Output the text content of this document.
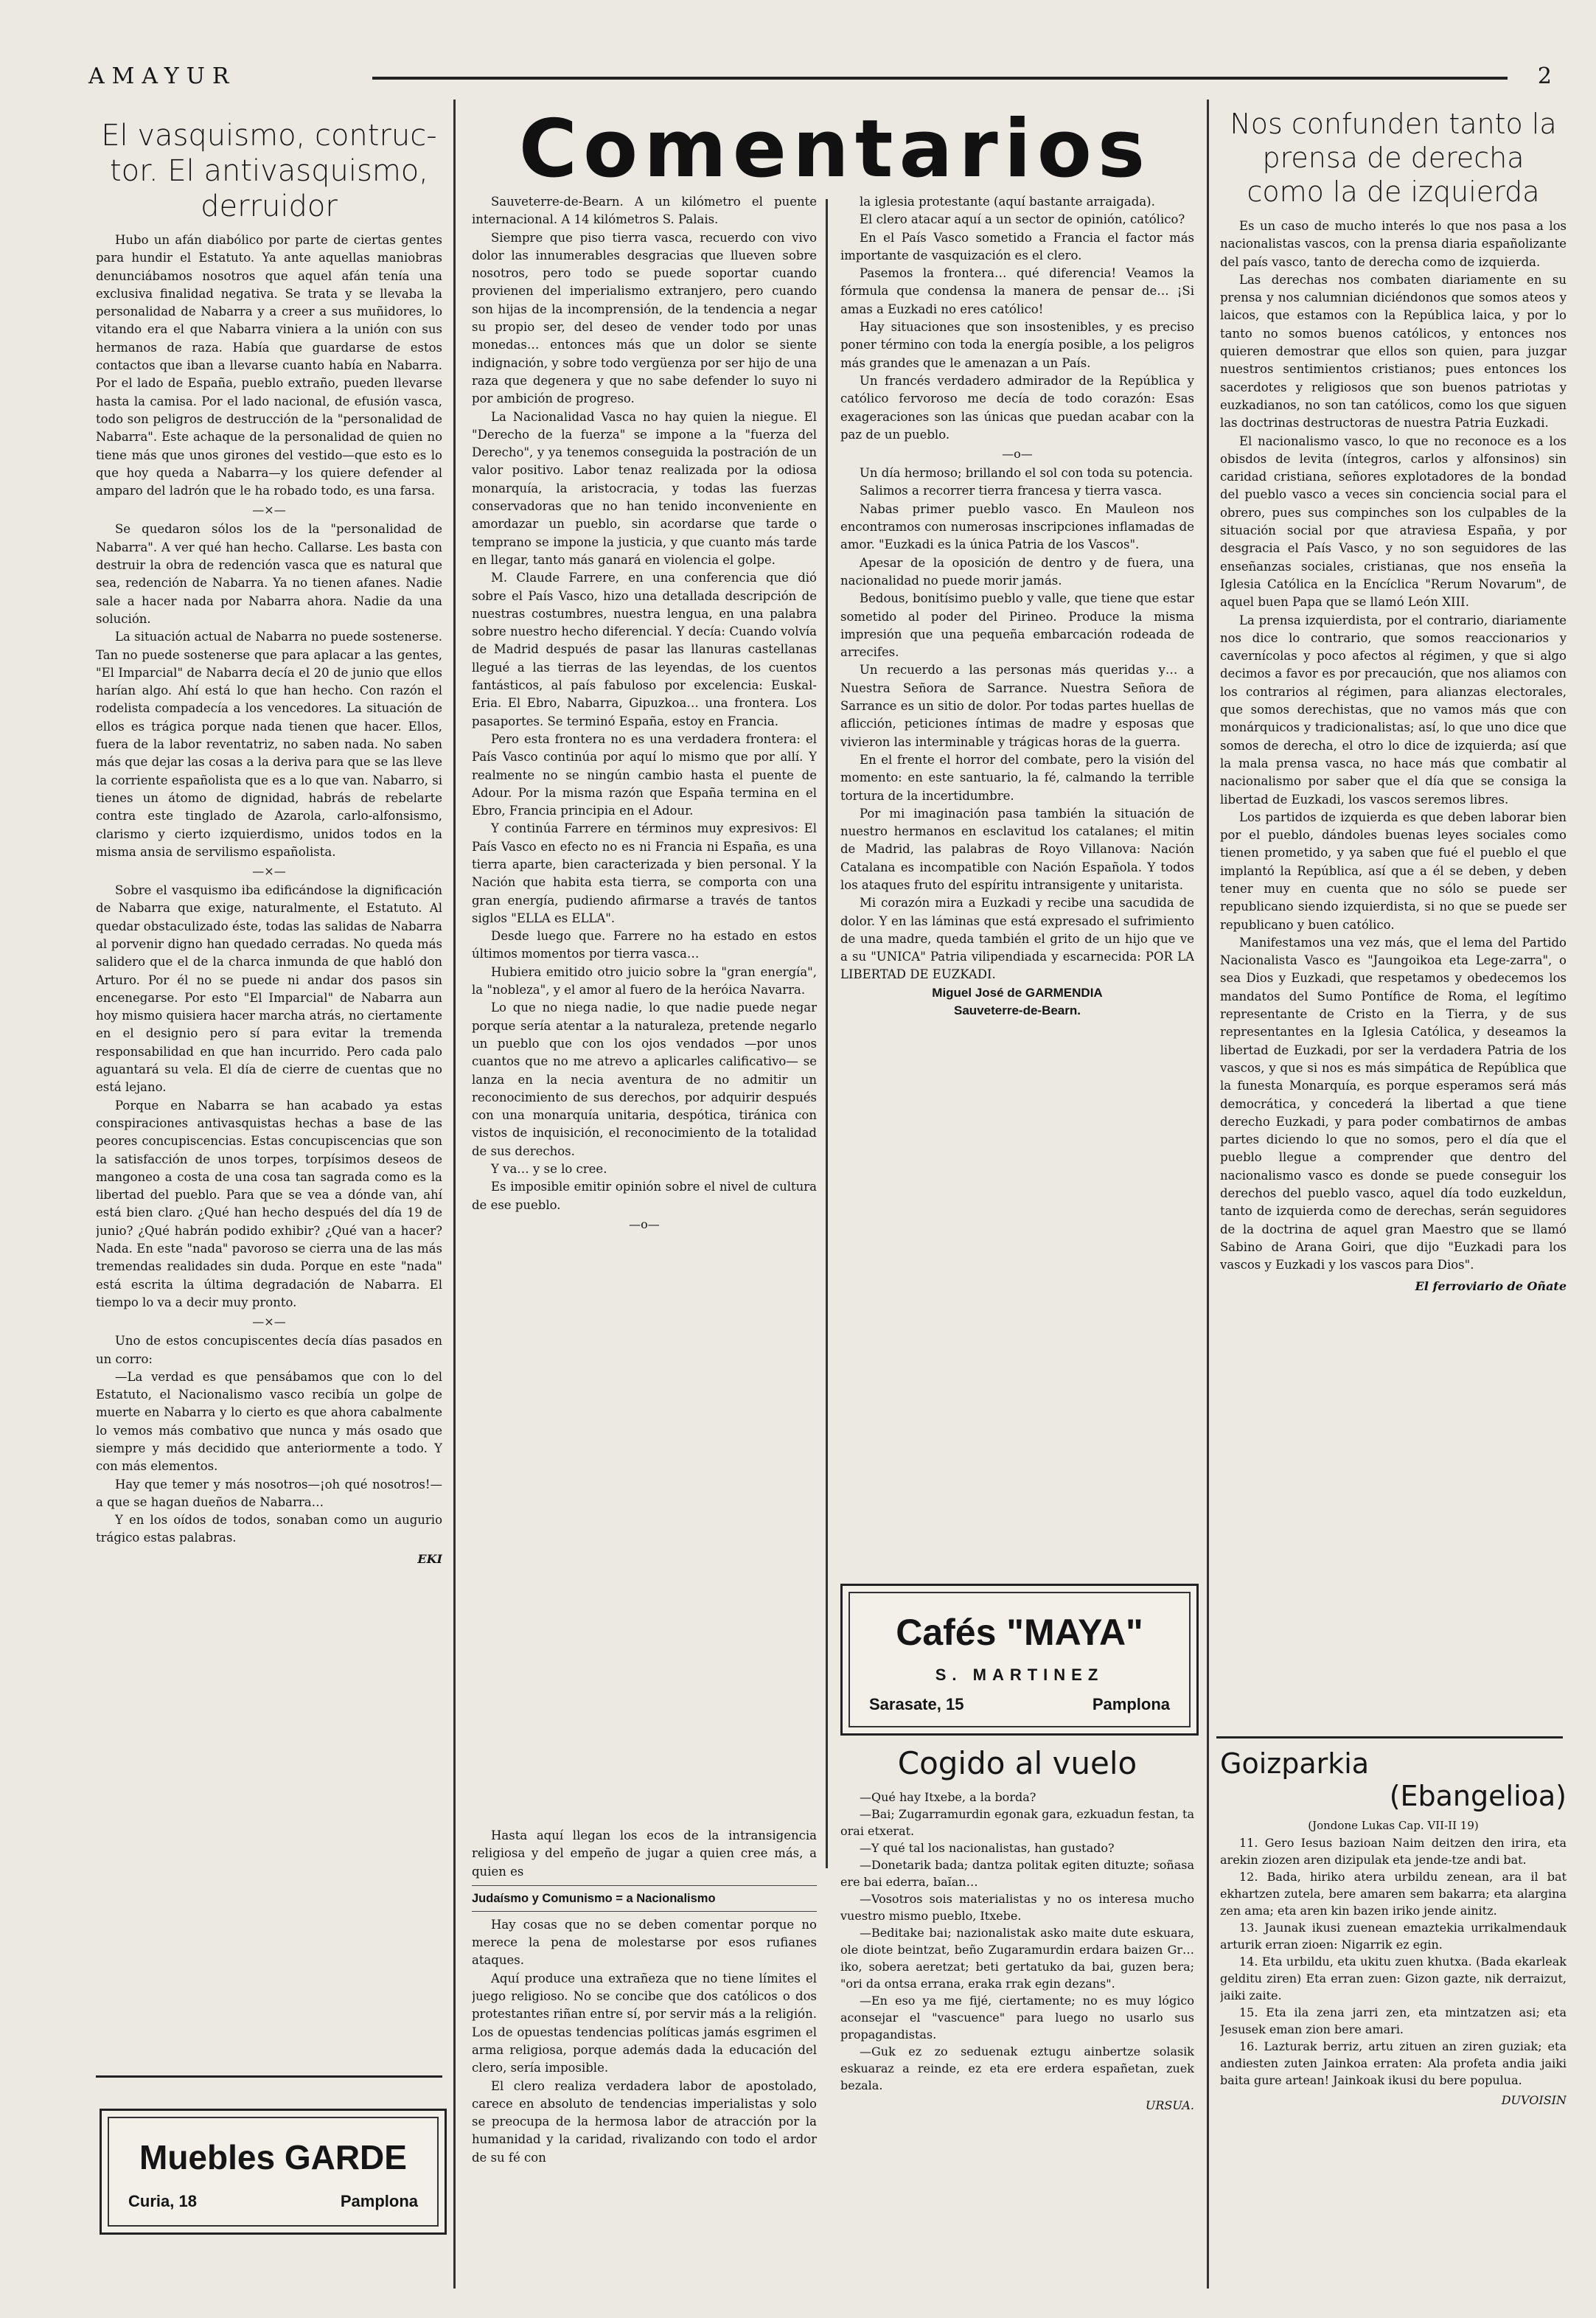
AMAYUR	2
El vasquismo, contructor. El antivasquismo, derruidor

Hubo un afán diabólico por parte de ciertas gentes para hundir el Estatuto. Ya ante aquellas maniobras denunciábamos nosotros que aquel afán tenía una exclusiva finalidad negativa. Se trata y se llevaba la personalidad de Nabarra y a creer a sus muñidores, lo vitando era el que Nabarra viniera a la unión con sus hermanos de raza. Había que guardarse de estos contactos que iban a llevarse cuanto había en Nabarra. Por el lado de España, pueblo extraño, pueden llevarse hasta la camisa. Por el lado nacional, de efusión vasca, todo son peligros de destrucción de la "personalidad de Nabarra". Este achaque de la personalidad de quien no tiene más que unos girones del vestido—que esto es lo que hoy queda a Nabarra—y los quiere defender al amparo del ladrón que le ha robado todo, es una farsa.

—×—

Se quedaron sólos los de la "personalidad de Nabarra". A ver qué han hecho. Callarse. Les basta con destruir la obra de redención vasca que es natural que sea, redención de Nabarra. Ya no tienen afanes. Nadie sale a hacer nada por Nabarra ahora. Nadie da una solución.

La situación actual de Nabarra no puede sostenerse. Tan no puede sostenerse que para aplacar a las gentes, "El Imparcial" de Nabarra decía el 20 de junio que ellos harían algo. Ahí está lo que han hecho. Con razón el rodelista compadecía a los vencedores. La situación de ellos es trágica porque nada tienen que hacer. Ellos, fuera de la labor reventatriz, no saben nada. No saben más que dejar las cosas a la deriva para que se las lleve la corriente españolista que es a lo que van. Nabarro, si tienes un átomo de dignidad, habrás de rebelarte contra este tinglado de Azarola, carlo-alfonsismo, clarismo y cierto izquierdismo, unidos todos en la misma ansia de servilismo españolista.

—×—

Sobre el vasquismo iba edificándose la dignificación de Nabarra que exige, naturalmente, el Estatuto. Al quedar obstaculizado éste, todas las salidas de Nabarra al porvenir digno han quedado cerradas. No queda más salidero que el de la charca inmunda de que habló don Arturo. Por él no se puede ni andar dos pasos sin encenegarse. Por esto "El Imparcial" de Nabarra aun hoy mismo quisiera hacer marcha atrás, no ciertamente en el designio pero sí para evitar la tremenda responsabilidad en que han incurrido. Pero cada palo aguantará su vela. El día de cierre de cuentas que no está lejano.

Porque en Nabarra se han acabado ya estas conspiraciones antivasquistas hechas a base de las peores concupiscencias. Estas concupiscencias que son la satisfacción de unos torpes, torpísimos deseos de mangoneo a costa de una cosa tan sagrada como es la libertad del pueblo. Para que se vea a dónde van, ahí está bien claro. ¿Qué han hecho después del día 19 de junio? ¿Qué habrán podido exhibir? ¿Qué van a hacer? Nada. En este "nada" pavoroso se cierra una de las más tremendas realidades sin duda. Porque en este "nada" está escrita la última degradación de Nabarra. El tiempo lo va a decir muy pronto.

—×—

Uno de estos concupiscentes decía días pasados en un corro:

—La verdad es que pensábamos que con lo del Estatuto, el Nacionalismo vasco recibía un golpe de muerte en Nabarra y lo cierto es que ahora cabalmente lo vemos más combativo que nunca y más osado que siempre y más decidido que anteriormente a todo. Y con más elementos.

Hay que temer y más nosotros—¡oh qué nosotros!—a que se hagan dueños de Nabarra…

Y en los oídos de todos, sonaban como un augurio trágico estas palabras.

EKI
Muebles GARDE
Curia, 18	Pamplona
Comentarios

Sauveterre-de-Bearn. A un kilómetro el puente internacional. A 14 kilómetros S. Palais.

Siempre que piso tierra vasca, recuerdo con vivo dolor las innumerables desgracias que llueven sobre nosotros, pero todo se puede soportar cuando provienen del imperialismo extranjero, pero cuando son hijas de la incomprensión, de la tendencia a negar su propio ser, del deseo de vender todo por unas monedas… entonces más que un dolor se siente indignación, y sobre todo vergüenza por ser hijo de una raza que degenera y que no sabe defender lo suyo ni por ambición de progreso.

La Nacionalidad Vasca no hay quien la niegue. El "Derecho de la fuerza" se impone a la "fuerza del Derecho", y ya tenemos conseguida la postración de un valor positivo. Labor tenaz realizada por la odiosa monarquía, la aristocracia, y todas las fuerzas conservadoras que no han tenido inconveniente en amordazar un pueblo, sin acordarse que tarde o temprano se impone la justicia, y que cuanto más tarde en llegar, tanto más ganará en violencia el golpe.

M. Claude Farrere, en una conferencia que dió sobre el País Vasco, hizo una detallada descripción de nuestras costumbres, nuestra lengua, en una palabra sobre nuestro hecho diferencial. Y decía: Cuando volvía de Madrid después de pasar las llanuras castellanas llegué a las tierras de las leyendas, de los cuentos fantásticos, al país fabuloso por excelencia: Euskal-Eria. El Ebro, Nabarra, Gipuzkoa… una frontera. Los pasaportes. Se terminó España, estoy en Francia.

Pero esta frontera no es una verdadera frontera: el País Vasco continúa por aquí lo mismo que por allí. Y realmente no se ningún cambio hasta el puente de Adour. Por la misma razón que España termina en el Ebro, Francia principia en el Adour.

Y continúa Farrere en términos muy expresivos: El País Vasco en efecto no es ni Francia ni España, es una tierra aparte, bien caracterizada y bien personal. Y la Nación que habita esta tierra, se comporta con una gran energía, pudiendo afirmarse a través de tantos siglos "ELLA es ELLA".

Desde luego que. Farrere no ha estado en estos últimos momentos por tierra vasca…

Hubiera emitido otro juicio sobre la "gran energía", la "nobleza", y el amor al fuero de la heróica Navarra.

Lo que no niega nadie, lo que nadie puede negar porque sería atentar a la naturaleza, pretende negarlo un pueblo que con los ojos vendados —por unos cuantos que no me atrevo a aplicarles calificativo— se lanza en la necia aventura de no admitir un reconocimiento de sus derechos, por adquirir después con una monarquía unitaria, despótica, tiránica con vistos de inquisición, el reconocimiento de la totalidad de sus derechos.

Y va… y se lo cree.

Es imposible emitir opinión sobre el nivel de cultura de ese pueblo.

—o—

la iglesia protestante (aquí bastante arraigada).

El clero atacar aquí a un sector de opinión, católico?

En el País Vasco sometido a Francia el factor más importante de vasquización es el clero.

Pasemos la frontera… qué diferencia! Veamos la fórmula que condensa la manera de pensar de… ¡Si amas a Euzkadi no eres católico!

Hay situaciones que son insostenibles, y es preciso poner término con toda la energía posible, a los peligros más grandes que le amenazan a un País.

Un francés verdadero admirador de la República y católico fervoroso me decía de todo corazón: Esas exageraciones son las únicas que puedan acabar con la paz de un pueblo.

—o—

Un día hermoso; brillando el sol con toda su potencia.

Salimos a recorrer tierra francesa y tierra vasca.

Nabas primer pueblo vasco. En Mauleon nos encontramos con numerosas inscripciones inflamadas de amor. "Euzkadi es la única Patria de los Vascos".

Apesar de la oposición de dentro y de fuera, una nacionalidad no puede morir jamás.

Bedous, bonitísimo pueblo y valle, que tiene que estar sometido al poder del Pirineo. Produce la misma impresión que una pequeña embarcación rodeada de arrecifes.

Un recuerdo a las personas más queridas y… a Nuestra Señora de Sarrance. Nuestra Señora de Sarrance es un sitio de dolor. Por todas partes huellas de aflicción, peticiones íntimas de madre y esposas que vivieron las interminable y trágicas horas de la guerra.

En el frente el horror del combate, pero la visión del momento: en este santuario, la fé, calmando la terrible tortura de la incertidumbre.

Por mi imaginación pasa también la situación de nuestro hermanos en esclavitud los catalanes; el mitin de Madrid, las palabras de Royo Villanova: Nación Catalana es incompatible con Nación Española. Y todos los ataques fruto del espíritu intransigente y unitarista.

Mi corazón mira a Euzkadi y recibe una sacudida de dolor. Y en las láminas que está expresado el sufrimiento de una madre, queda también el grito de un hijo que ve a su "UNICA" Patria vilipendiada y escarnecida: POR LA LIBERTAD DE EUZKADI.

Miguel José de GARMENDIA
Sauveterre-de-Bearn.

Hasta aquí llegan los ecos de la intransigencia religiosa y del empeño de jugar a quien cree más, a quien es

Judaísmo y Comunismo = a Nacionalismo

Hay cosas que no se deben comentar porque no merece la pena de molestarse por esos rufianes ataques.

Aquí produce una extrañeza que no tiene límites el juego religioso. No se concibe que dos católicos o dos protestantes riñan entre sí, por servir más a la religión. Los de opuestas tendencias políticas jamás esgrimen el arma religiosa, porque además dada la educación del clero, sería imposible.

El clero realiza verdadera labor de apostolado, carece en absoluto de tendencias imperialistas y solo se preocupa de la hermosa labor de atracción por la humanidad y la caridad, rivalizando con todo el ardor de su fé con

Cafés "MAYA"
S. MARTINEZ
Sarasate, 15	Pamplona
Cogido al vuelo

—Qué hay Itxebe, a la borda?

—Bai; Zugarramurdin egonak gara, ezkuadun festan, ta orai etxerat.

—Y qué tal los nacionalistas, han gustado?

—Donetarik bada; dantza politak egiten dituzte; soñasa ere bai ederra, baĭan…

—Vosotros sois materialistas y no os interesa mucho vuestro mismo pueblo, Itxebe.

—Beditake bai; nazionalistak asko maite dute eskuara, ole diote beintzat, beño Zugaramurdin erdara baizen Gr…iko, sobera aeretzat; beti gertatuko da bai, guzen bera; "ori da ontsa errana, eraka rrak egin dezans".

—En eso ya me fijé, ciertamente; no es muy lógico aconsejar el "vascuence" para luego no usarlo sus propagandistas.

—Guk ez zo seduenak eztugu ainbertze solasik eskuaraz a reinde, ez eta ere erdera españetan, zuek bezala.

URSUA.
Nos confunden tanto la prensa de derecha como la de izquierda

Es un caso de mucho interés lo que nos pasa a los nacionalistas vascos, con la prensa diaria españolizante del país vasco, tanto de derecha como de izquierda.

Las derechas nos combaten diariamente en su prensa y nos calumnian diciéndonos que somos ateos y laicos, que estamos con la República laica, y por lo tanto no somos buenos católicos, y entonces nos quieren demostrar que ellos son quien, para juzgar nuestros sentimientos cristianos; pues entonces los sacerdotes y religiosos que son buenos patriotas y euzkadianos, no son tan católicos, como los que siguen las doctrinas destructoras de nuestra Patria Euzkadi.

El nacionalismo vasco, lo que no reconoce es a los obisdos de levita (íntegros, carlos y alfonsinos) sin caridad cristiana, señores explotadores de la bondad del pueblo vasco a veces sin conciencia social para el obrero, pues sus compinches son los culpables de la situación social por que atraviesa España, y por desgracia el País Vasco, y no son seguidores de las enseñanzas sociales, cristianas, que nos enseña la Iglesia Católica en la Encíclica "Rerum Novarum", de aquel buen Papa que se llamó León XIII.

La prensa izquierdista, por el contrario, diariamente nos dice lo contrario, que somos reaccionarios y cavernícolas y poco afectos al régimen, y que si algo decimos a favor es por precaución, que nos aliamos con los contrarios al régimen, para alianzas electorales, que somos derechistas, que no vamos más que con monárquicos y tradicionalistas; así, lo que uno dice que somos de derecha, el otro lo dice de izquierda; así que la mala prensa vasca, no hace más que combatir al nacionalismo por saber que el día que se consiga la libertad de Euzkadi, los vascos seremos libres.

Los partidos de izquierda es que deben laborar bien por el pueblo, dándoles buenas leyes sociales como tienen prometido, y ya saben que fué el pueblo el que implantó la República, así que a él se deben, y deben tener muy en cuenta que no sólo se puede ser republicano siendo izquierdista, si no que se puede ser republicano y buen católico.

Manifestamos una vez más, que el lema del Partido Nacionalista Vasco es "Jaungoikoa eta Lege-zarra", o sea Dios y Euzkadi, que respetamos y obedecemos los mandatos del Sumo Pontífice de Roma, el legítimo representante de Cristo en la Tierra, y de sus representantes en la Iglesia Católica, y deseamos la libertad de Euzkadi, por ser la verdadera Patria de los vascos, y que si nos es más simpática de República que la funesta Monarquía, es porque esperamos será más democrática, y concederá la libertad a que tiene derecho Euzkadi, y para poder combatirnos de ambas partes diciendo lo que no somos, pero el día que el pueblo llegue a comprender que dentro del nacionalismo vasco es donde se puede conseguir los derechos del pueblo vasco, aquel día todo euzkeldun, tanto de izquierda como de derechas, serán seguidores de la doctrina de aquel gran Maestro que se llamó Sabino de Arana Goiri, que dijo "Euzkadi para los vascos y Euzkadi y los vascos para Dios".

El ferroviario de Oñate
Goizparkia
(Ebangelioa)
(Jondone Lukas Cap. VII-II 19)

11. Gero Iesus bazioan Naim deitzen den irira, eta arekin ziozen aren dizipulak eta jende-tze andi bat.

12. Bada, hiriko atera urbildu zenean, ara il bat ekhartzen zutela, bere amaren sem bakarra; eta alargina zen ama; eta aren kin bazen iriko jende ainitz.

13. Jaunak ikusi zuenean emaztekia urrikalmendauk arturik erran zioen: Nigarrik ez egin.

14. Eta urbildu, eta ukitu zuen khutxa. (Bada ekarleak gelditu ziren) Eta erran zuen: Gizon gazte, nik derraizut, jaiki zaite.

15. Eta ila zena jarri zen, eta mintzatzen asi; eta Jesusek eman zion bere amari.

16. Lazturak berriz, artu zituen an ziren guziak; eta andiesten zuten Jainkoa erraten: Ala profeta andia jaiki baita gure artean! Jainkoak ikusi du bere populua.

DUVOISIN
